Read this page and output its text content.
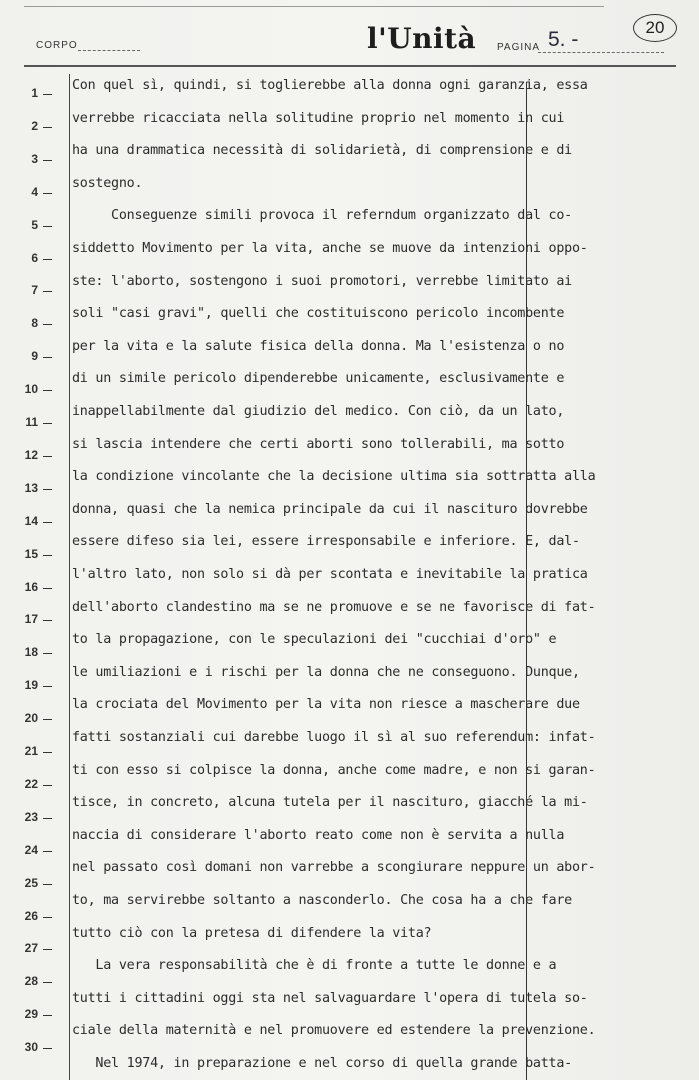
CORPO	l'Unità PAGINA 5. -
20
1	Con quel sì, quindi, si toglierebbe alla donna ogni garanzia, essa
2
verrebbe ricacciata nella solitudine proprio nel momento in cui
3
ha una drammatica necessità di solidarietà, di comprensione e di
4
sostegno.
5
Conseguenze simili provoca il referndum organizzato dal co-
6
siddetto Movimento per la vita, anche se muove da intenzioni oppo-
7
ste: l'aborto, sostengono i suoi promotori, verrebbe limitato ai
8
soli "casi gravi", quelli che costituiscono pericolo incombente
9
per la vita e la salute fisica della donna. Ma l'esistenza o no
10
di un simile pericolo dipenderebbe unicamente, esclusivamente e
11
inappellabilmente dal giudizio del medico. Con ciò, da un lato,
12
si lascia intendere che certi aborti sono tollerabili, ma sotto
13
la condizione vincolante che la decisione ultima sia sottratta alla
14
donna, quasi che la nemica principale da cui il nascituro dovrebbe
15
essere difeso sia lei, essere irresponsabile e inferiore. E, dal-
16
l'altro lato, non solo si dà per scontata e inevitabile la pratica
17
dell'aborto clandestino ma se ne promuove e se ne favorisce di fat-
18
to la propagazione, con le speculazioni dei "cucchiai d'oro" e
19
le umiliazioni e i rischi per la donna che ne conseguono. Dunque,
20
la crociata del Movimento per la vita non riesce a mascherare due
21
fatti sostanziali cui darebbe luogo il sì al suo referendum: infat-
22
ti con esso si colpisce la donna, anche come madre, e non si garan-
23
tisce, in concreto, alcuna tutela per il nascituro, giacché la mi-
24
naccia di considerare l'aborto reato come non è servita a nulla
25
nel passato così domani non varrebbe a scongiurare neppure un abor-
26
to, ma servirebbe soltanto a nasconderlo. Che cosa ha a che fare
27
tutto ciò con la pretesa di difendere la vita?
28
La vera responsabilità che è di fronte a tutte le donne e a
29
tutti i cittadini oggi sta nel salvaguardare l'opera di tutela so-
30
ciale della maternità e nel promuovere ed estendere la prevenzione.
Nel 1974, in preparazione e nel corso di quella grande batta-
